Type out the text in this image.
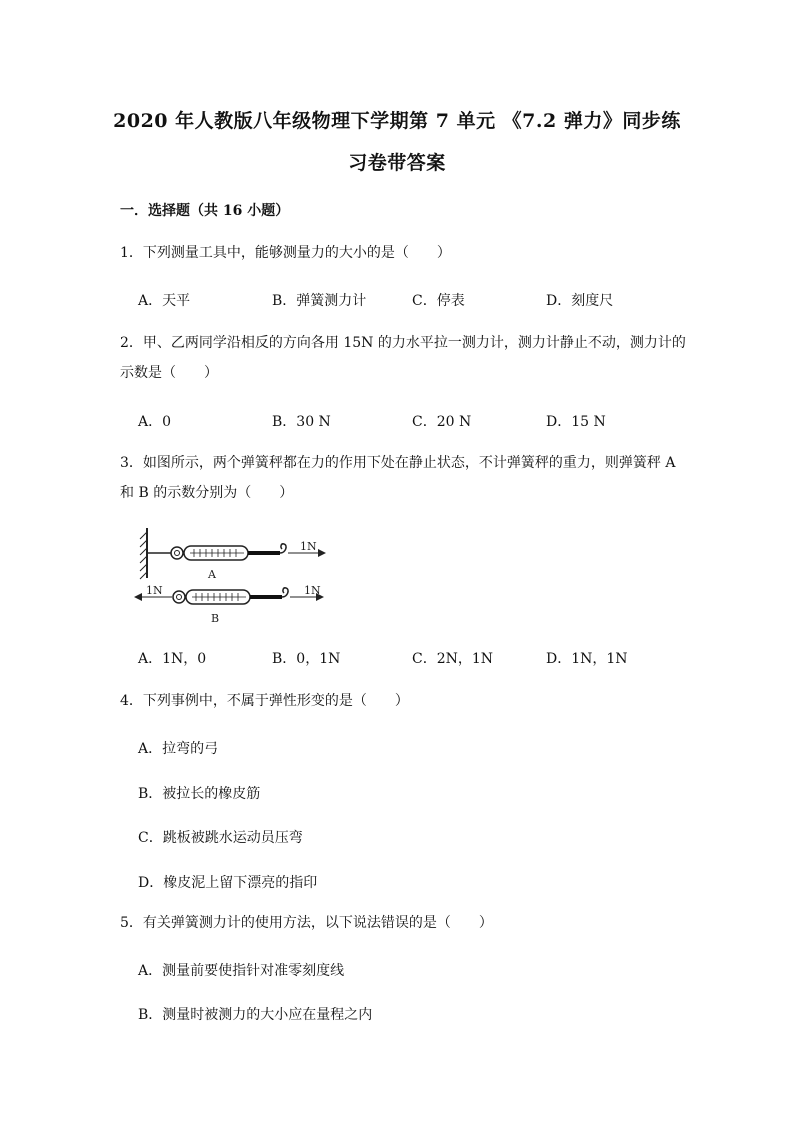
2020 年人教版八年级物理下学期第 7 单元 《7.2 弹力》同步练
习卷带答案
一．选择题（共 16 小题）
1．下列测量工具中，能够测量力的大小的是（　　）
A．天平	B．弹簧测力计	C．停表	D．刻度尺
2．甲、乙两同学沿相反的方向各用 15N 的力水平拉一测力计，测力计静止不动，测力计的
示数是（　　）
A．0	B．30 N	C．20 N	D．15 N
3．如图所示，两个弹簧秤都在力的作用下处在静止状态，不计弹簧秤的重力，则弹簧秤 A
和 B 的示数分别为（　　）
A
1N
1N
B
1N
A．1N，0	B．0，1N	C．2N，1N	D．1N，1N
4．下列事例中，不属于弹性形变的是（　　）
A．拉弯的弓
B．被拉长的橡皮筋
C．跳板被跳水运动员压弯
D．橡皮泥上留下漂亮的指印
5．有关弹簧测力计的使用方法，以下说法错误的是（　　）
A．测量前要使指针对准零刻度线
B．测量时被测力的大小应在量程之内
